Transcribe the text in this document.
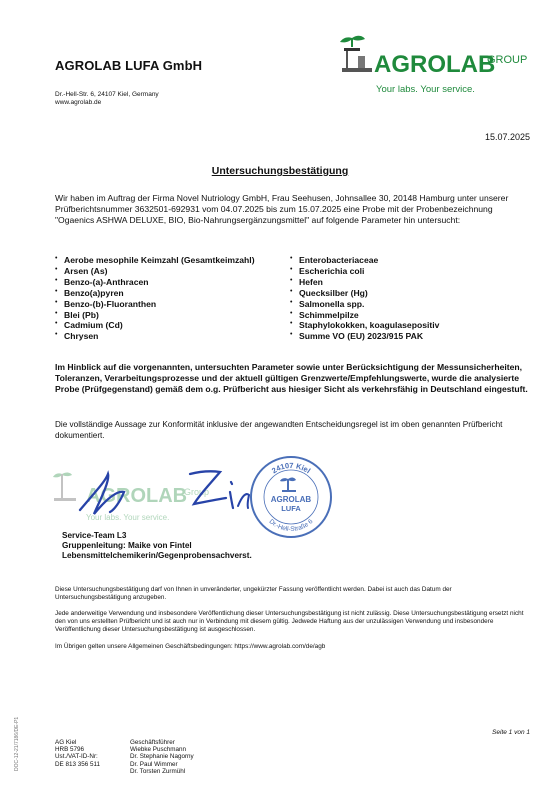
AGROLAB LUFA GmbH
Dr.-Hell-Str. 6, 24107 Kiel, Germany
www.agrolab.de
AGROLAB
GROUP
Your labs. Your service.
15.07.2025
Untersuchungsbestätigung
Wir haben im Auftrag der Firma Novel Nutriology GmbH, Frau Seehusen, Johnsallee 30, 20148 Hamburg unter unserer Prüfberichtsnummer 3632501-692931 vom 04.07.2025 bis zum 15.07.2025 eine Probe mit der Probenbezeichnung "Ogaenics ASHWA DELUXE, BIO, Bio-Nahrungsergänzungsmittel" auf folgende Parameter hin untersucht:
• Aerobe mesophile Keimzahl (Gesamtkeimzahl)
• Arsen (As)
• Benzo-(a)-Anthracen
• Benzo(a)pyren
• Benzo-(b)-Fluoranthen
• Blei (Pb)
• Cadmium (Cd)
• Chrysen
• Enterobacteriaceae
• Escherichia coli
• Hefen
• Quecksilber (Hg)
• Salmonella spp.
• Schimmelpilze
• Staphylokokken, koagulasepositiv
• Summe VO (EU) 2023/915 PAK
Im Hinblick auf die vorgenannten, untersuchten Parameter sowie unter Berücksichtigung der Messunsicherheiten, Toleranzen, Verarbeitungsprozesse und der aktuell gültigen Grenzwerte/Empfehlungswerte, wurde die analysierte Probe (Prüfgegenstand) gemäß dem o.g. Prüfbericht aus hiesiger Sicht als verkehrsfähig in Deutschland eingestuft.
Die vollständige Aussage zur Konformität inklusive der angewandten Entscheidungsregel ist im oben genannten Prüfbericht dokumentiert.
AGROLAB
Group
Your labs. Your service.
24107 Kiel
AGROLAB
LUFA
Dr.-Hell-Straße 6
Service-Team L3
Gruppenleitung: Maike von Fintel
Lebensmittelchemikerin/Gegenprobensachverst.
Diese Untersuchungsbestätigung darf von Ihnen in unveränderter, ungekürzter Fassung veröffentlicht werden. Dabei ist auch das Datum der Untersuchungsbestätigung anzugeben.
Jede anderweitige Verwendung und insbesondere Veröffentlichung dieser Untersuchungsbestätigung ist nicht zulässig. Diese Untersuchungsbestätigung ersetzt nicht den von uns erstellten Prüfbericht und ist auch nur in Verbindung mit diesem gültig. Jedwede Haftung aus der unzulässigen Verwendung und insbesondere Veröffentlichung dieser Untersuchungsbestätigung ist ausgeschlossen.
Im Übrigen gelten unsere Allgemeinen Geschäftsbedingungen: https://www.agrolab.com/de/agb
Seite 1 von 1
DOC-12-21/7186/DE-P1	AG Kiel
HRB 5796
Ust./VAT-ID-Nr:
DE 813 356 511
Geschäftsführer
Wiebke Puschmann
Dr. Stephanie Nagorny
Dr. Paul Wimmer
Dr. Torsten Zurmühl
